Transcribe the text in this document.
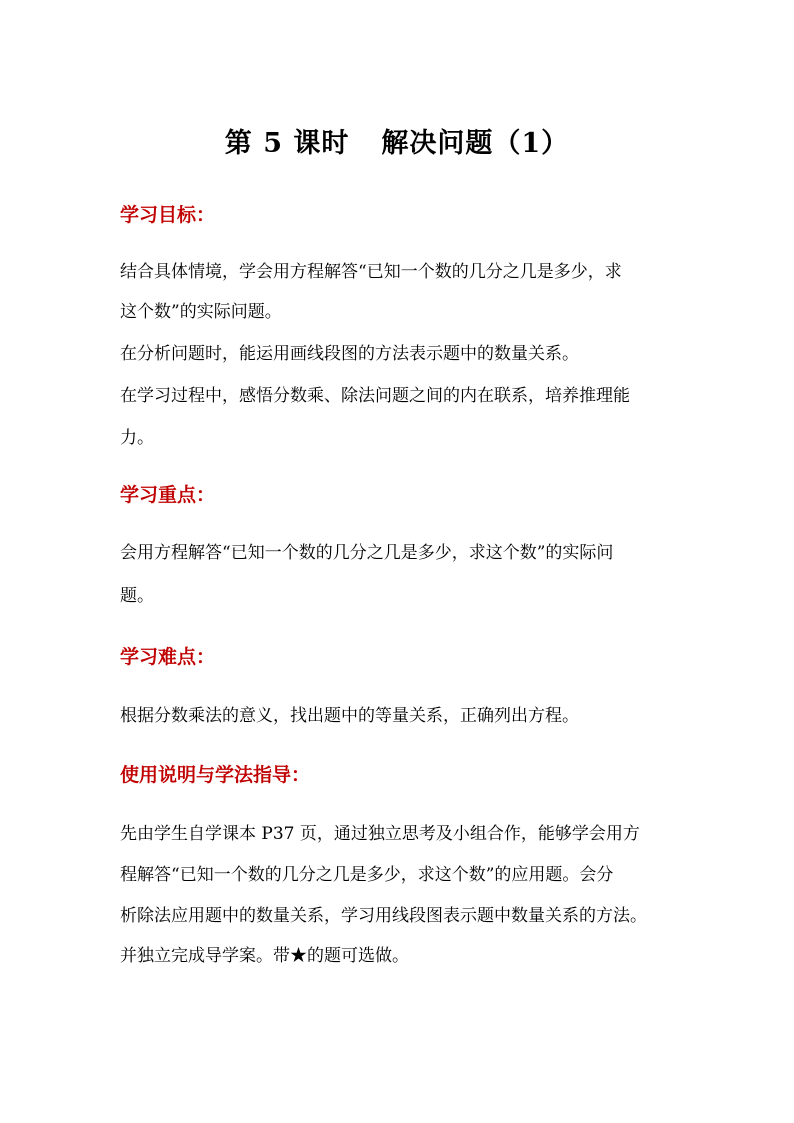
第 5 课时 解决问题（1）
学习目标：
结合具体情境，学会用方程解答“已知一个数的几分之几是多少，求
这个数”的实际问题。
在分析问题时，能运用画线段图的方法表示题中的数量关系。
在学习过程中，感悟分数乘、除法问题之间的内在联系，培养推理能
力。
学习重点：
会用方程解答“已知一个数的几分之几是多少，求这个数”的实际问
题。
学习难点：
根据分数乘法的意义，找出题中的等量关系，正确列出方程。
使用说明与学法指导：
先由学生自学课本 P37 页，通过独立思考及小组合作，能够学会用方
程解答“已知一个数的几分之几是多少，求这个数”的应用题。会分
析除法应用题中的数量关系，学习用线段图表示题中数量关系的方法。
并独立完成导学案。带★的题可选做。
